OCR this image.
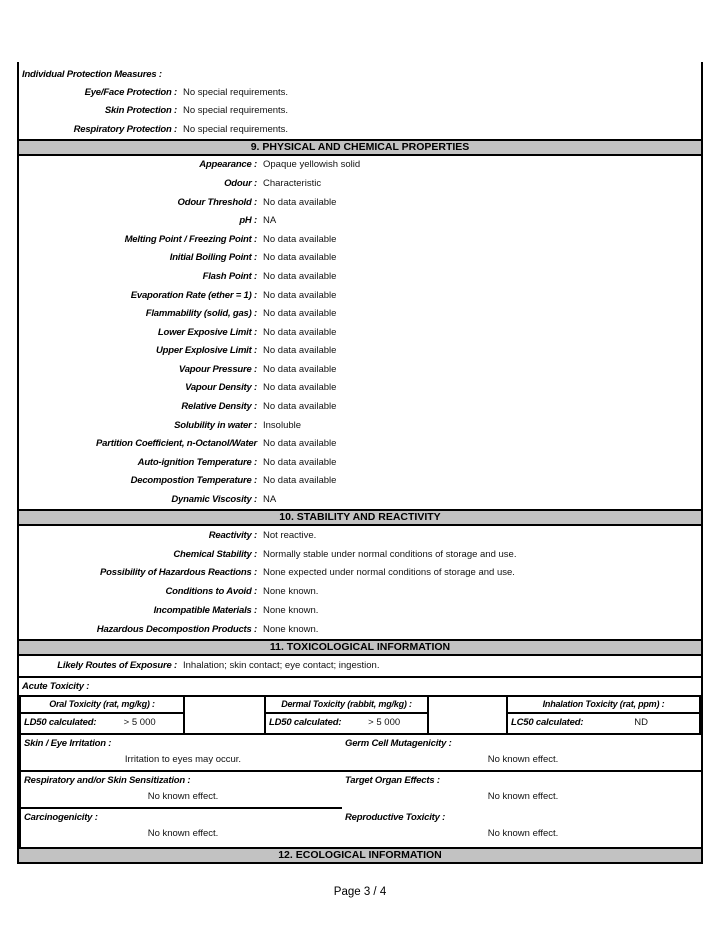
Individual Protection Measures :
Eye/Face Protection : No special requirements.
Skin Protection : No special requirements.
Respiratory Protection : No special requirements.
9. PHYSICAL AND CHEMICAL PROPERTIES
Appearance : Opaque yellowish solid
Odour : Characteristic
Odour Threshold : No data available
pH : NA
Melting Point / Freezing Point : No data available
Initial Boiling Point : No data available
Flash Point : No data available
Evaporation Rate (ether = 1) : No data available
Flammability (solid, gas) : No data available
Lower Exposive Limit : No data available
Upper Explosive Limit : No data available
Vapour Pressure : No data available
Vapour Density : No data available
Relative Density : No data available
Solubility in water : Insoluble
Partition Coefficient, n-Octanol/Water No data available
Auto-ignition Temperature : No data available
Decompostion Temperature : No data available
Dynamic Viscosity : NA
10. STABILITY AND REACTIVITY
Reactivity : Not reactive.
Chemical Stability : Normally stable under normal conditions of storage and use.
Possibility of Hazardous Reactions : None expected under normal conditions of storage and use.
Conditions to Avoid : None known.
Incompatible Materials : None known.
Hazardous Decompostion Products : None known.
11. TOXICOLOGICAL INFORMATION
Likely Routes of Exposure : Inhalation; skin contact; eye contact; ingestion.
Acute Toxicity :
Oral Toxicity (rat, mg/kg) :
LD50 calculated:	> 5 000
Dermal Toxicity (rabbit, mg/kg) :
LD50 calculated:	> 5 000
Inhalation Toxicity (rat, ppm) :
LC50 calculated:	ND
Skin / Eye Irritation :
Irritation to eyes may occur.
Germ Cell Mutagenicity :
No known effect.
Respiratory and/or Skin Sensitization :
No known effect.
Target Organ Effects :
No known effect.
Carcinogenicity :
No known effect.
Reproductive Toxicity :
No known effect.
12. ECOLOGICAL INFORMATION
Page 3 / 4
